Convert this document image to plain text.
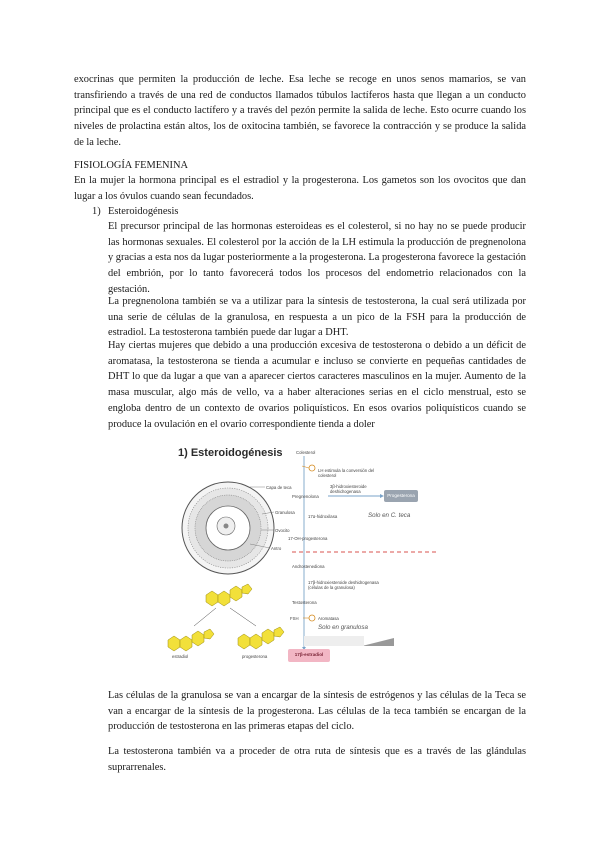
exocrinas que permiten la producción de leche. Esa leche se recoge en unos senos mamarios, se van transfiriendo a través de una red de conductos llamados túbulos lactíferos hasta que llegan a un conducto principal que es el conducto lactífero y a través del pezón permite la salida de leche. Esto ocurre cuando los niveles de prolactina están altos, los de oxitocina también, se favorece la contracción y se produce la salida de la leche.

FISIOLOGÍA FEMENINA

En la mujer la hormona principal es el estradiol y la progesterona. Los gametos son los ovocitos que dan lugar a los óvulos cuando sean fecundados.

1) Esteroidogénesis

El precursor principal de las hormonas esteroideas es el colesterol, si no hay no se puede producir las hormonas sexuales. El colesterol por la acción de la LH estimula la producción de pregnenolona y gracias a esta nos da lugar posteriormente a la progesterona. La progesterona favorece la gestación del embrión, por lo tanto favorecerá todos los procesos del endometrio relacionados con la gestación.

La pregnenolona también se va a utilizar para la síntesis de testosterona, la cual será utilizada por una serie de células de la granulosa, en respuesta a un pico de la FSH para la producción de estradiol. La testosterona también puede dar lugar a DHT.

Hay ciertas mujeres que debido a una producción excesiva de testosterona o debido a un déficit de aromatasa, la testosterona se tienda a acumular e incluso se convierte en pequeñas cantidades de DHT lo que da lugar a que van a aparecer ciertos caracteres masculinos en la mujer. Aumento de la masa muscular, algo más de vello, va a haber alteraciones serias en el ciclo menstrual, esto se engloba dentro de un contexto de ovarios poliquísticos. En esos ovarios poliquísticos cuando se produce la ovulación en el ovario correspondiente tienda a doler

1) Esteroidogénesis
Capa de teca
Granulosa
Ovocito
Antro
Colesterol
LH estimula la conversión del colesterol
3β-hidroxiesteroide deshidrogenasa
Pregnenolona	Progesterona
17α-hidroxilasa	Solo en C. teca
17-OH-progesterona
Androstenediona
17β-hidroxiesteroide deshidrogenasa (células de la granulosa)
Testosterona
FSH	Aromatasa
Solo en granulosa
17β-estradiol
estradiol	progesterona

Las células de la granulosa se van a encargar de la síntesis de estrógenos y las células de la Teca se van a encargar de la síntesis de la progesterona. Las células de la teca también se encargan de la producción de testosterona en las primeras etapas del ciclo.

La testosterona también va a proceder de otra ruta de síntesis que es a través de las glándulas suprarrenales.
